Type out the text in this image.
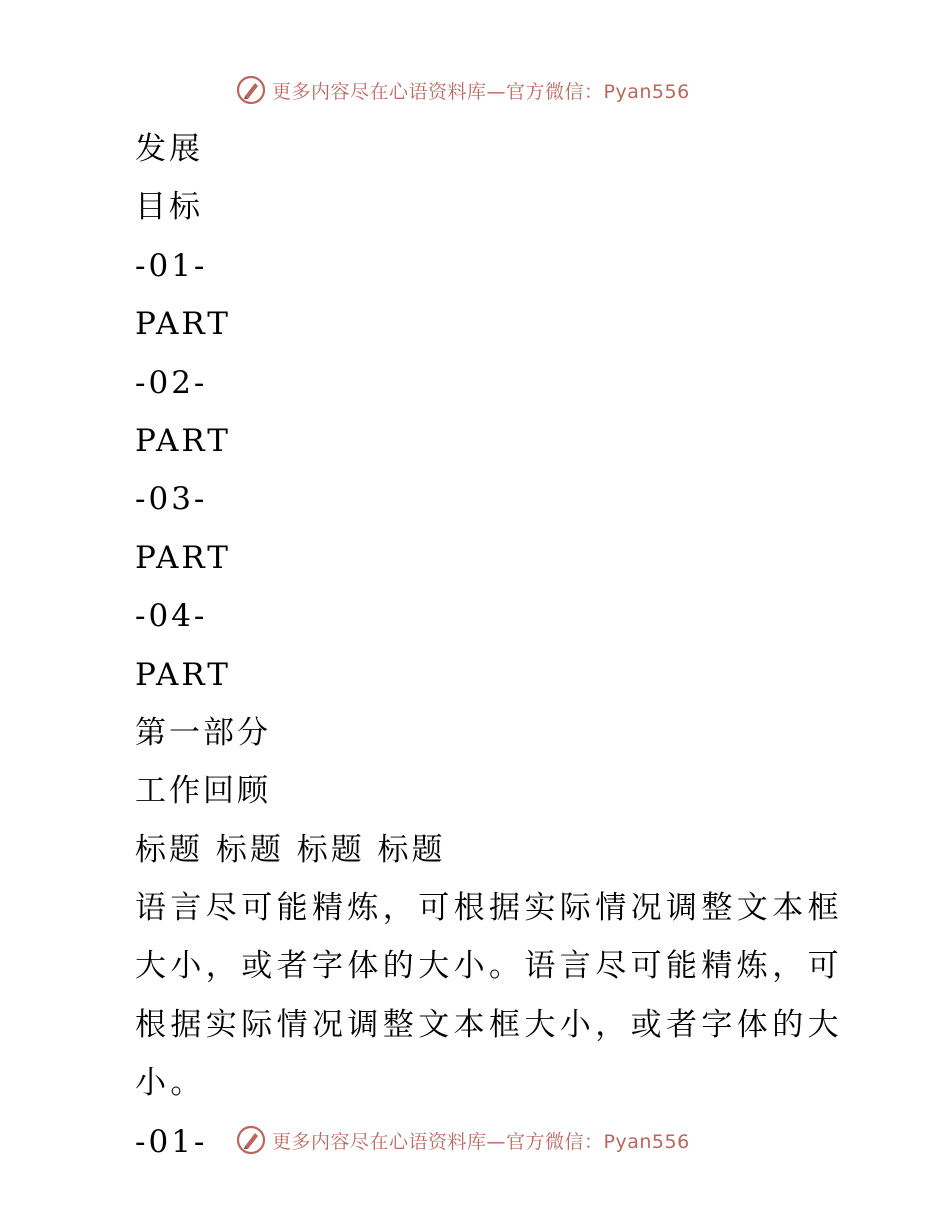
更多内容尽在心语资料库—官方微信：Pyan556
发展
目标
-01-
PART
-02-
PART
-03-
PART
-04-
PART
第一部分
工作回顾
标题 标题 标题 标题
语言尽可能精炼，可根据实际情况调整文本框大小，或者字体的大小。语言尽可能精炼，可根据实际情况调整文本框大小，或者字体的大小。
-01-	更多内容尽在心语资料库—官方微信：Pyan556
